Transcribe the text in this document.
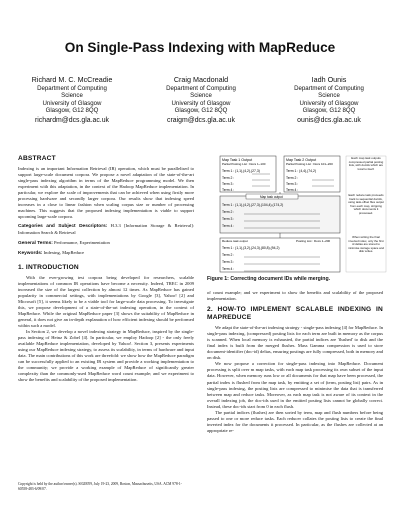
On Single-Pass Indexing with MapReduce
Richard M. C. McCreadie
Department of Computing
Science
University of Glasgow
Glasgow, G12 8QQ
richardm@dcs.gla.ac.uk
Craig Macdonald
Department of Computing
Science
University of Glasgow
Glasgow, G12 8QQ
craigm@dcs.gla.ac.uk
Iadh Ounis
Department of Computing
Science
University of Glasgow
Glasgow, G12 8QQ
ounis@dcs.gla.ac.uk
ABSTRACT

Indexing is an important Information Retrieval (IR) operation, which must be parallelised to support large-scale document corpora. We propose a novel adaptation of the state-of-the-art single-pass indexing algorithm in terms of the MapReduce programming model. We then experiment with this adaptation, in the context of the Hadoop MapReduce implementation. In particular, we explore the scale of improvements that can be achieved when using firstly more processing hardware and secondly larger corpora. Our results show that indexing speed increases in a close to linear fashion when scaling corpus size or number of processing machines. This suggests that the proposed indexing implementation is viable to support upcoming large-scale corpora.

Categories and Subject Descriptors: H.3.3 [Information Storage & Retrieval]: Information Search & Retrieval

General Terms: Performance, Experimentation

Keywords: Indexing, MapReduce

1. INTRODUCTION

With the ever-growing test corpora being developed for researchers, scalable implementations of common IR operations have become a necessity. Indeed, TREC in 2009 increased the size of the largest collection by almost 12 times. As MapReduce has gained popularity in commercial settings, with implementations by Google [3], Yahoo! [2] and Microsoft [5], it seems likely to be a viable tool for large-scale data processing. To investigate this, we propose development of a state-of-the-art indexing operation, in the context of MapReduce. While the original MapReduce paper [3] shows the suitability of MapReduce in general, it does not give an in-depth explanation of how efficient indexing should be performed within such a model.

In Section 2, we develop a novel indexing strategy in MapReduce, inspired by the single-pass indexing of Heinz & Zobel [4]. In particular, we employ Hadoop [2] - the only freely available MapReduce implementation, developed by Yahoo!. Section 3, presents experiments using our MapReduce indexing strategy, to assess its scalability, in terms of hardware and input data. The main contributions of this work are threefold: we show how the MapReduce paradigm can be successfully applied to an existing IR system and provide a working implementation to the community; we provide a working example of MapReduce of significantly greater complexity than the commonly-used MapReduce word count example; and we experiment to show the benefits and scalability of the proposed implementation.

Copyright is held by the author/owner(s). SIGIR'09, July 19-23, 2009, Boston, Massachusetts, USA. ACM 978-1-60558-483-6/09/07.
Map Task 1 Output
Partial Posting List : Docs 1~100
Map Task 2 Output
Partial Posting List : Docs 101~200
Term 1 : (1,1),(4,2),(27,3)
Term 2 :
Term 3 :
Term 4 :
Term 1 : (4,4),(74,2)
Term 2 :
Term 3 :
Term 4 :
Map task output
Term 1 : (1,1),(4,2),(27,3),(104,4),(174,2)
Term 2 :
Term 3 :
Term 4 :
Reduce task output	Posting List : Docs 1~200
Term 1 : (1,1),(3,2),(24,3),(80,8),(94,2)
Term 2 :
Term 3 :
Term 4 :
Each map task outputs compressed partial posting lists, with docids which are local to itself.
Each reduce task proceeds back to sequential docids, using task-offset files output from each map, stripping which documents it processed.
When writing the final inverted index, only the first id deltas are stored to minimise storage space and disk writes.
Figure 1: Correcting document IDs while merging.

of count example; and we experiment to show the benefits and scalability of the proposed implementation.

2. HOW-TO IMPLEMENT SCALABLE INDEXING IN MAPREDUCE

We adapt the state-of-the-art indexing strategy - single-pass indexing [4] for MapReduce. In single-pass indexing, (compressed) posting lists for each term are built in memory as the corpus is scanned. When local memory is exhausted, the partial indices are 'flushed' to disk and the final index is built from the merged flushes. Mass Gamma compression is used to store document-identifier (doc-id) deltas, ensuring postings are fully compressed, both in memory and on disk.

We now propose a correction for single-pass indexing into MapReduce. Document processing is split over m map tasks, with each map task processing its own subset of the input data. However, when memory runs low or all documents for that map have been processed, the partial index is flushed from the map task, by emitting a set of (term, posting list) pairs. As in single-pass indexing, the posting lists are compressed to minimise the data that is transferred between map and reduce tasks. Moreover, as each map task is not aware of its context in the overall indexing job, the doc-ids used in the emitted posting lists cannot be globally correct. Instead, these doc-ids start from 0 in each flush.

The partial indices (flushes) are then sorted by term, map and flush numbers before being passed to one or more reduce tasks. Each reducer collates the posting lists to create the final inverted index for the documents it processed. In particular, as the flushes are collected at an appropriate re-
